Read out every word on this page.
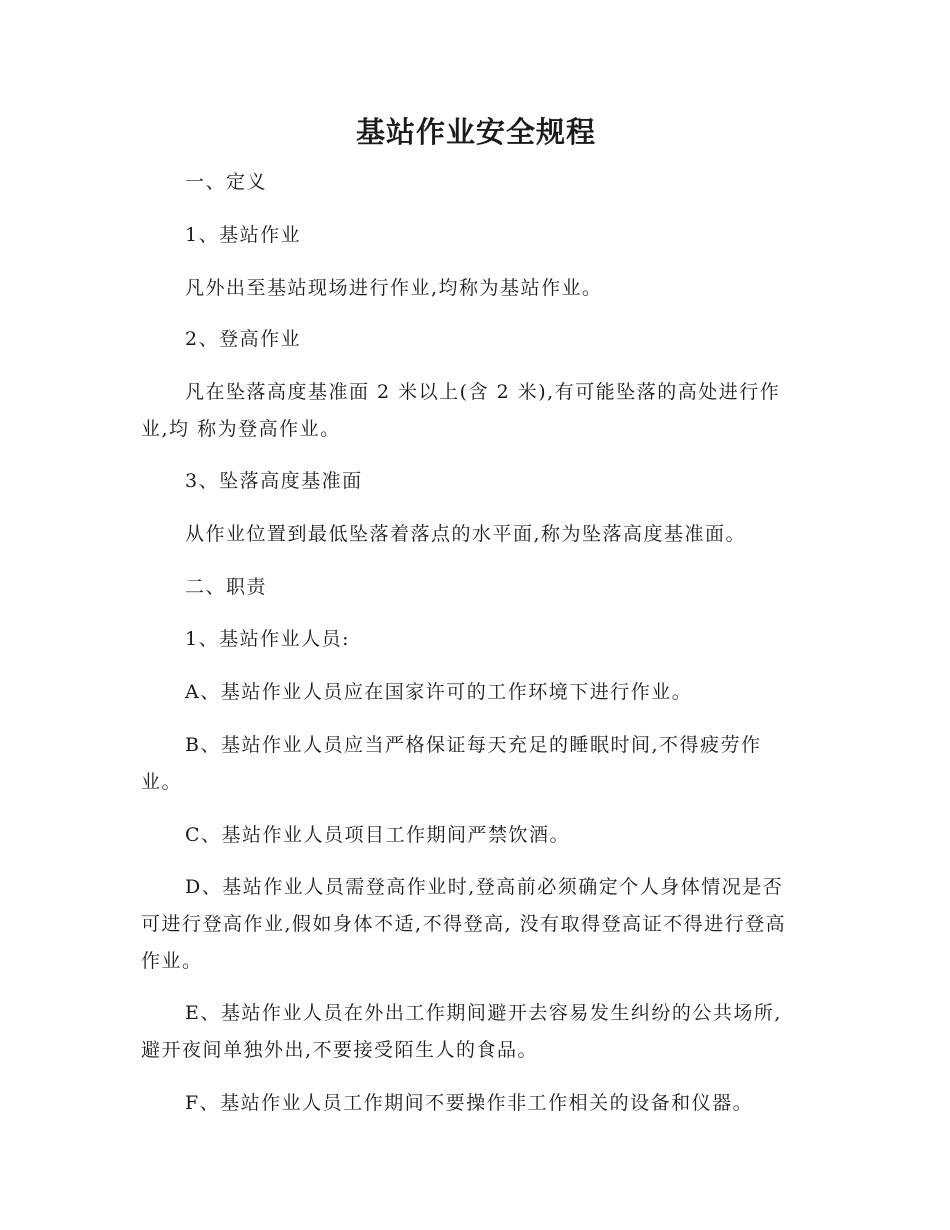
基站作业安全规程

一、定义

1、基站作业

凡外出至基站现场进行作业,均称为基站作业。

2、登高作业

凡在坠落高度基准面 2 米以上(含 2 米),有可能坠落的高处进行作业,均 称为登高作业。

3、坠落高度基准面

从作业位置到最低坠落着落点的水平面,称为坠落高度基准面。

二、职责

1、基站作业人员:

A、基站作业人员应在国家许可的工作环境下进行作业。

B、基站作业人员应当严格保证每天充足的睡眠时间,不得疲劳作业。

C、基站作业人员项目工作期间严禁饮酒。

D、基站作业人员需登高作业时,登高前必须确定个人身体情况是否可进行登高作业,假如身体不适,不得登高, 没有取得登高证不得进行登高作业。

E、基站作业人员在外出工作期间避开去容易发生纠纷的公共场所,避开夜间单独外出,不要接受陌生人的食品。

F、基站作业人员工作期间不要操作非工作相关的设备和仪器。
